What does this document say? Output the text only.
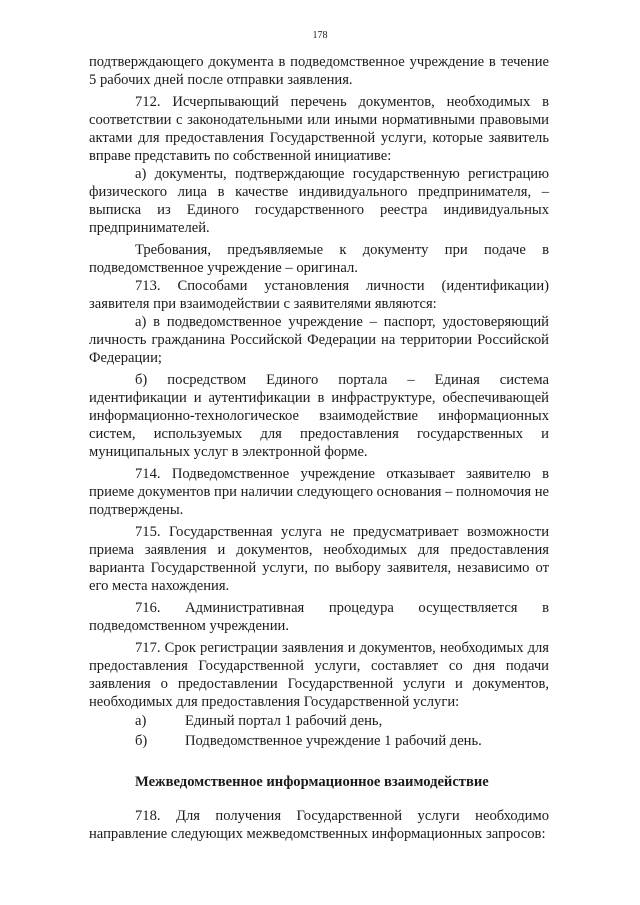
178

подтверждающего документа в подведомственное учреждение в течение 5 рабочих дней после отправки заявления.

712. Исчерпывающий перечень документов, необходимых в соответствии с законодательными или иными нормативными правовыми актами для предоставления Государственной услуги, которые заявитель вправе представить по собственной инициативе:

а) документы, подтверждающие государственную регистрацию физического лица в качестве индивидуального предпринимателя, – выписка из Единого государственного реестра индивидуальных предпринимателей.

Требования, предъявляемые к документу при подаче в подведомственное учреждение – оригинал.

713. Способами установления личности (идентификации) заявителя при взаимодействии с заявителями являются:

а) в подведомственное учреждение – паспорт, удостоверяющий личность гражданина Российской Федерации на территории Российской Федерации;

б) посредством Единого портала – Единая система идентификации и аутентификации в инфраструктуре, обеспечивающей информационно-технологическое взаимодействие информационных систем, используемых для предоставления государственных и муниципальных услуг в электронной форме.

714. Подведомственное учреждение отказывает заявителю в приеме документов при наличии следующего основания – полномочия не подтверждены.

715. Государственная услуга не предусматривает возможности приема заявления и документов, необходимых для предоставления варианта Государственной услуги, по выбору заявителя, независимо от его места нахождения.

716. Административная процедура осуществляется в подведомственном учреждении.

717. Срок регистрации заявления и документов, необходимых для предоставления Государственной услуги, составляет со дня подачи заявления о предоставлении Государственной услуги и документов, необходимых для предоставления Государственной услуги:

а)	Единый портал 1 рабочий день,
б)	Подведомственное учреждение 1 рабочий день.

Межведомственное информационное взаимодействие

718. Для получения Государственной услуги необходимо направление следующих межведомственных информационных запросов:
